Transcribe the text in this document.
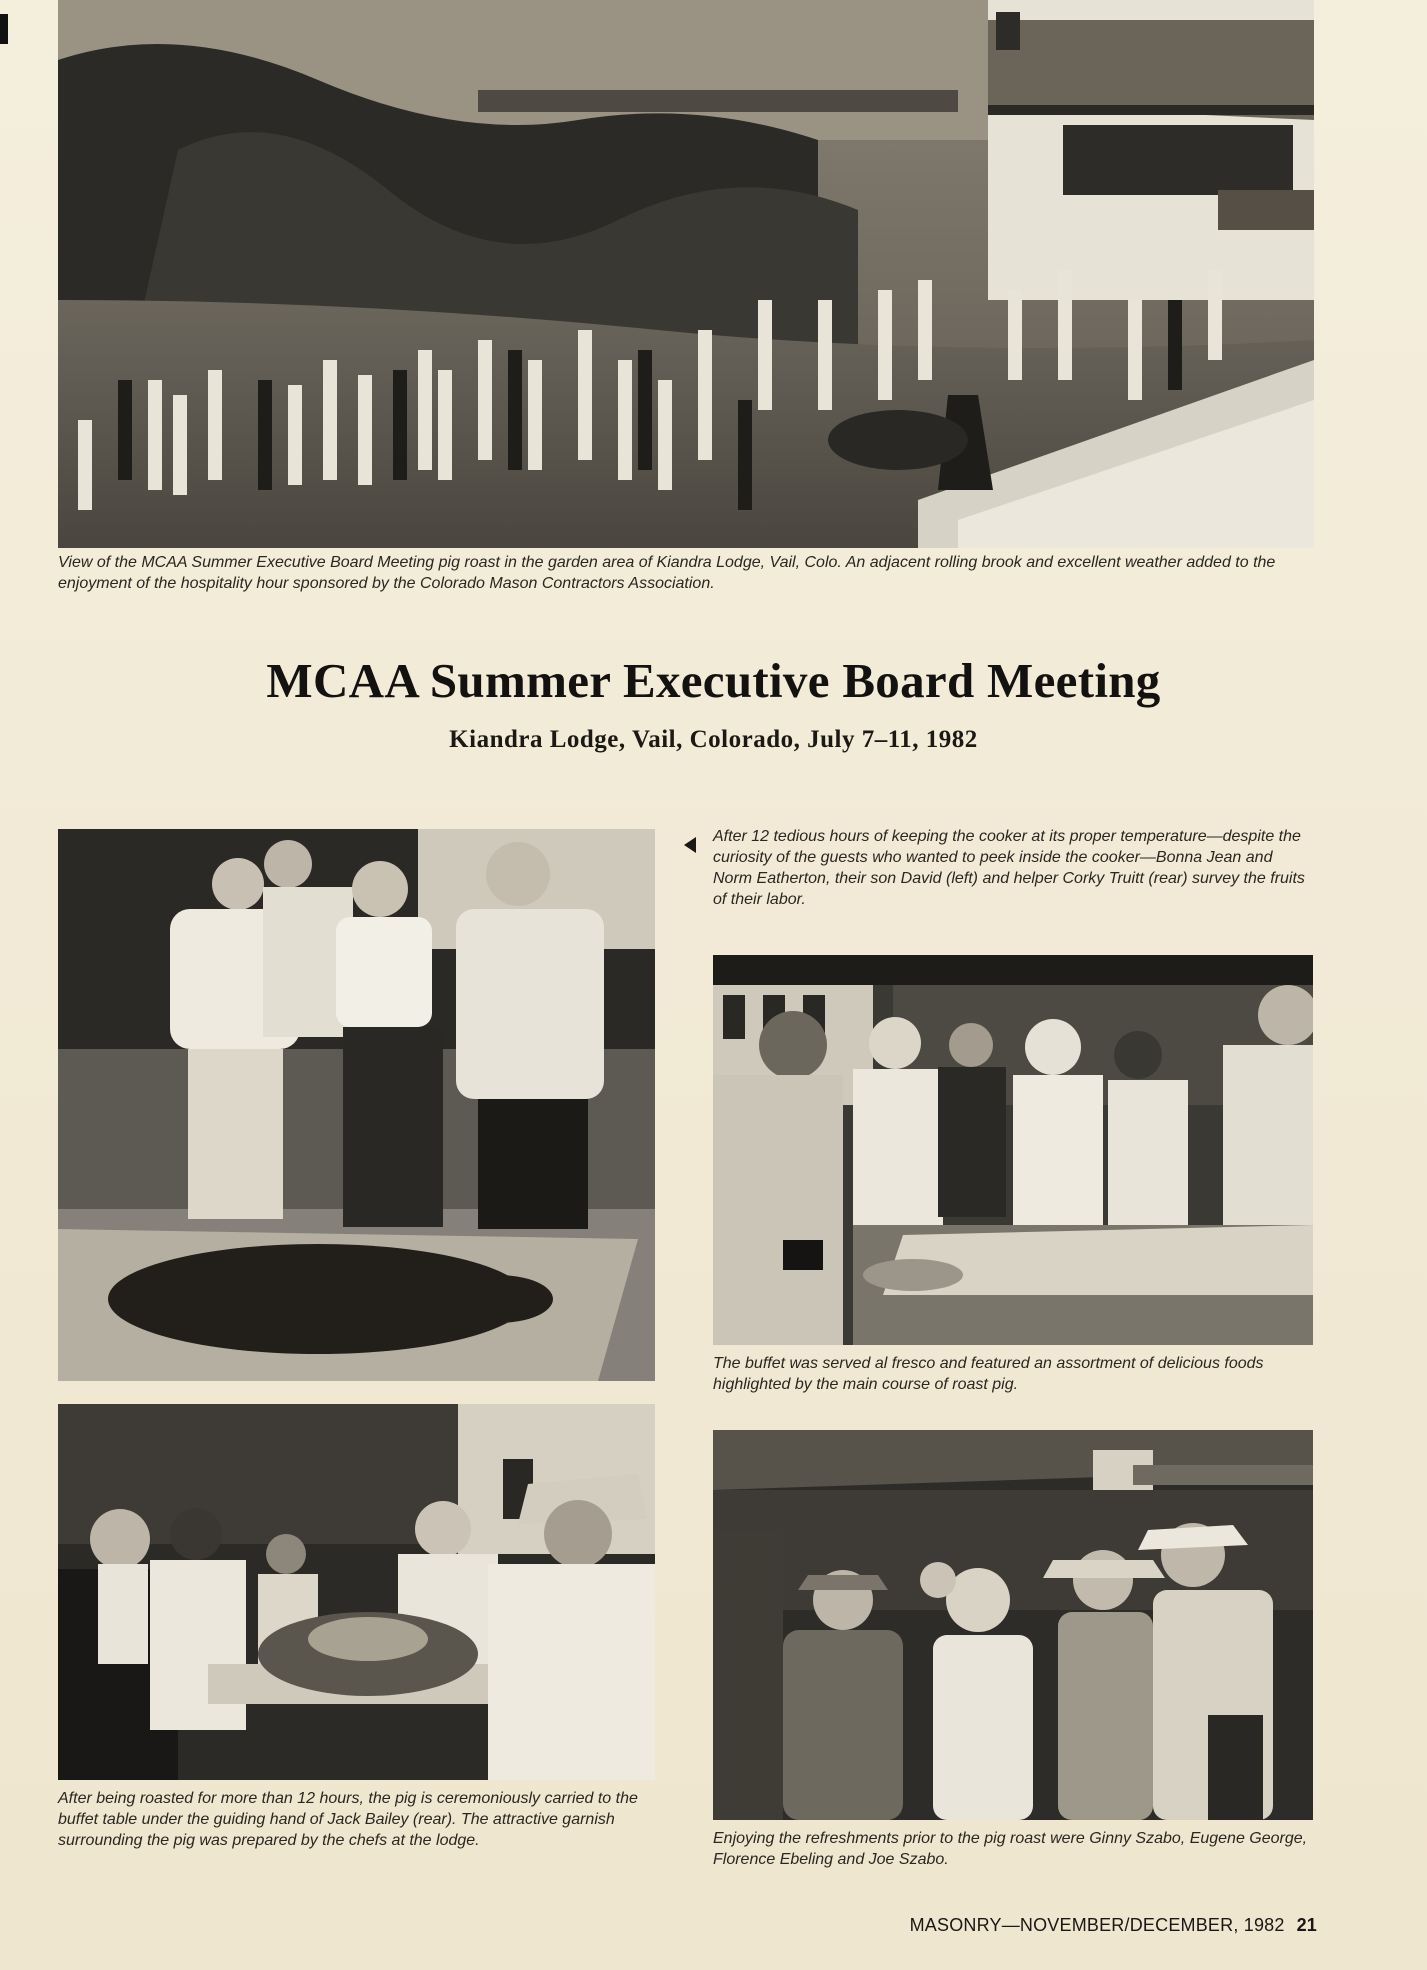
View of the MCAA Summer Executive Board Meeting pig roast in the garden area of Kiandra Lodge, Vail, Colo. An adjacent rolling brook and excellent weather added to the enjoyment of the hospitality hour sponsored by the Colorado Mason Contractors Association.

MCAA Summer Executive Board Meeting
Kiandra Lodge, Vail, Colorado, July 7–11, 1982

After 12 tedious hours of keeping the cooker at its proper temperature—despite the curiosity of the guests who wanted to peek inside the cooker—Bonna Jean and Norm Eatherton, their son David (left) and helper Corky Truitt (rear) survey the fruits of their labor.

The buffet was served al fresco and featured an assortment of delicious foods highlighted by the main course of roast pig.

After being roasted for more than 12 hours, the pig is ceremoniously carried to the buffet table under the guiding hand of Jack Bailey (rear). The attractive garnish surrounding the pig was prepared by the chefs at the lodge.	Enjoying the refreshments prior to the pig roast were Ginny Szabo, Eugene George, Florence Ebeling and Joe Szabo.

MASONRY—NOVEMBER/DECEMBER, 1982 21
